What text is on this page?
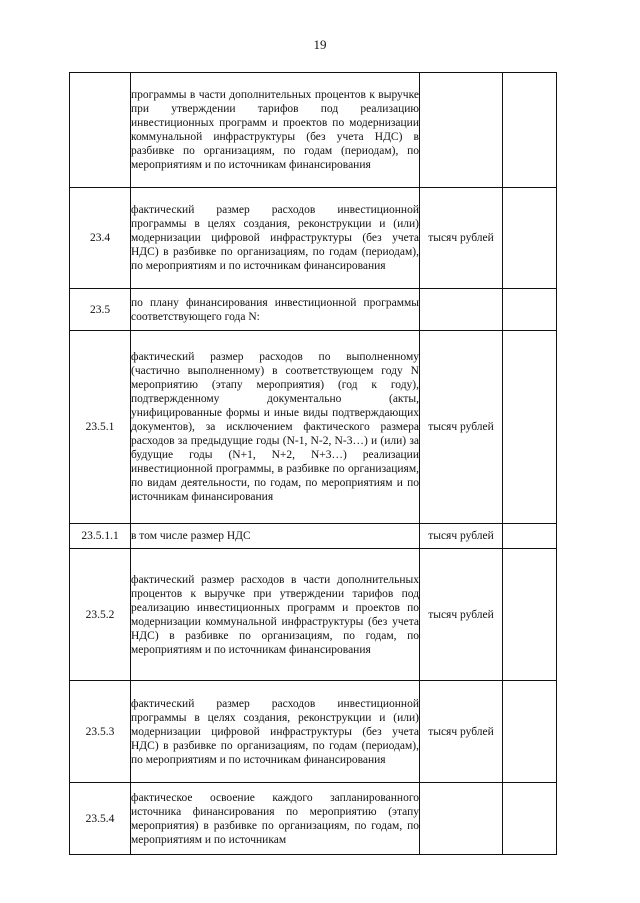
19
	программы в части дополнительных процентов к выручке при утверждении тарифов под реализацию инвестиционных программ и проектов по модернизации коммунальной инфраструктуры (без учета НДС) в разбивке по организациям, по годам (периодам), по мероприятиям и по источникам финансирования		
23.4	фактический размер расходов инвестиционной программы в целях создания, реконструкции и (или) модернизации цифровой инфраструктуры (без учета НДС) в разбивке по организациям, по годам (периодам), по мероприятиям и по источникам финансирования	тысяч рублей	
23.5	по плану финансирования инвестиционной программы соответствующего года N:		
23.5.1	фактический размер расходов по выполненному (частично выполненному) в соответствующем году N мероприятию (этапу мероприятия) (год к году), подтвержденному документально (акты, унифицированные формы и иные виды подтверждающих документов), за исключением фактического размера расходов за предыдущие годы (N-1, N-2, N-3…) и (или) за будущие годы (N+1, N+2, N+3…) реализации инвестиционной программы, в разбивке по организациям, по видам деятельности, по годам, по мероприятиям и по источникам финансирования	тысяч рублей	
23.5.1.1	в том числе размер НДС	тысяч рублей	
23.5.2	фактический размер расходов в части дополнительных процентов к выручке при утверждении тарифов под реализацию инвестиционных программ и проектов по модернизации коммунальной инфраструктуры (без учета НДС) в разбивке по организациям, по годам, по мероприятиям и по источникам финансирования	тысяч рублей	
23.5.3	фактический размер расходов инвестиционной программы в целях создания, реконструкции и (или) модернизации цифровой инфраструктуры (без учета НДС) в разбивке по организациям, по годам (периодам), по мероприятиям и по источникам финансирования	тысяч рублей	
23.5.4	фактическое освоение каждого запланированного источника финансирования по мероприятию (этапу мероприятия) в разбивке по организациям, по годам, по мероприятиям и по источникам		
